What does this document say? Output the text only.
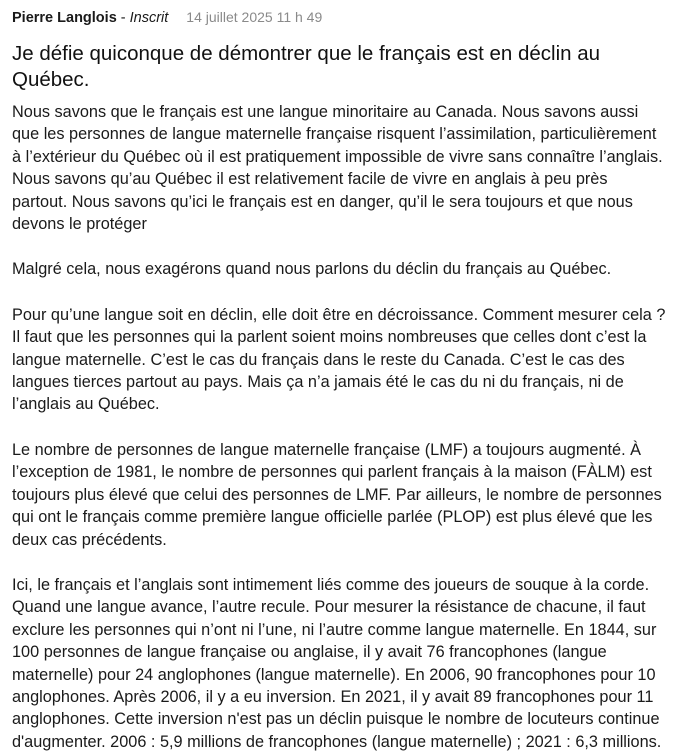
Pierre Langlois - Inscrit 14 juillet 2025 11 h 49
Je défie quiconque de démontrer que le français est en déclin au Québec.

Nous savons que le français est une langue minoritaire au Canada. Nous savons aussi que les personnes de langue maternelle française risquent l’assimilation, particulièrement à l’extérieur du Québec où il est pratiquement impossible de vivre sans connaître l’anglais. Nous savons qu’au Québec il est relativement facile de vivre en anglais à peu près partout. Nous savons qu’ici le français est en danger, qu’il le sera toujours et que nous devons le protéger

Malgré cela, nous exagérons quand nous parlons du déclin du français au Québec.

Pour qu’une langue soit en déclin, elle doit être en décroissance. Comment mesurer cela ? Il faut que les personnes qui la parlent soient moins nombreuses que celles dont c’est la langue maternelle. C’est le cas du français dans le reste du Canada. C’est le cas des langues tierces partout au pays. Mais ça n’a jamais été le cas du ni du français, ni de l’anglais au Québec.

Le nombre de personnes de langue maternelle française (LMF) a toujours augmenté. À l’exception de 1981, le nombre de personnes qui parlent français à la maison (FÀLM) est toujours plus élevé que celui des personnes de LMF. Par ailleurs, le nombre de personnes qui ont le français comme première langue officielle parlée (PLOP) est plus élevé que les deux cas précédents.

Ici, le français et l’anglais sont intimement liés comme des joueurs de souque à la corde. Quand une langue avance, l’autre recule. Pour mesurer la résistance de chacune, il faut exclure les personnes qui n’ont ni l’une, ni l’autre comme langue maternelle. En 1844, sur 100 personnes de langue française ou anglaise, il y avait 76 francophones (langue maternelle) pour 24 anglophones (langue maternelle). En 2006, 90 francophones pour 10 anglophones. Après 2006, il y a eu inversion. En 2021, il y avait 89 francophones pour 11 anglophones. Cette inversion n'est pas un déclin puisque le nombre de locuteurs continue d'augmenter. 2006 : 5,9 millions de francophones (langue maternelle) ; 2021 : 6,3 millions.
